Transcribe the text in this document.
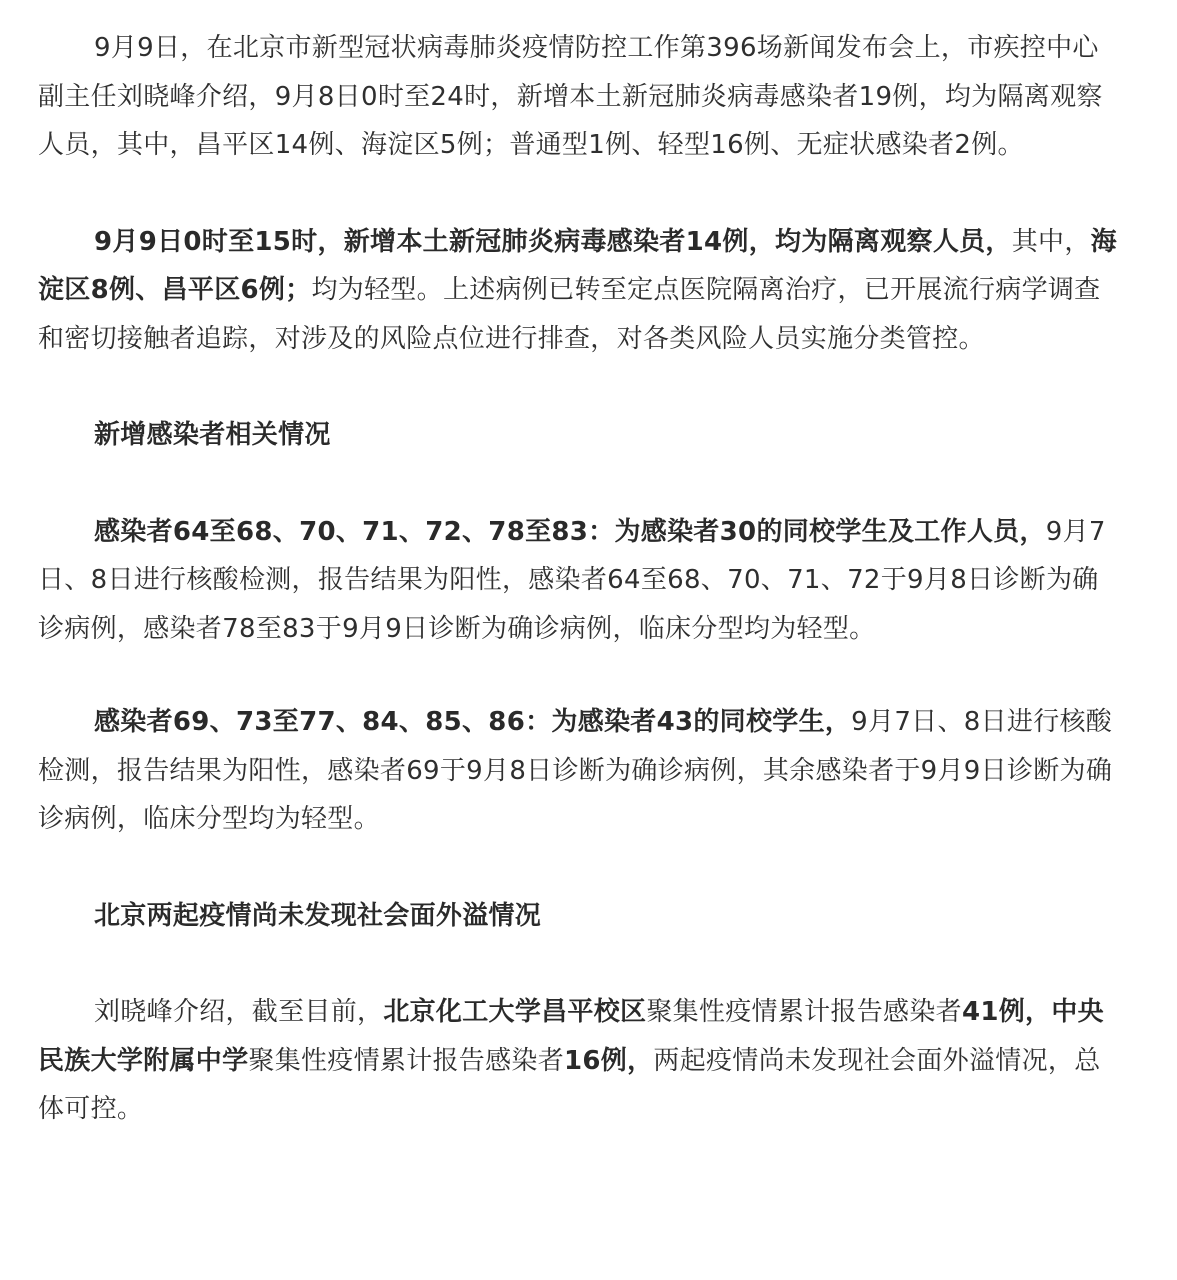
9月9日，在北京市新型冠状病毒肺炎疫情防控工作第396场新闻发布会上，市疾控中心副主任刘晓峰介绍，9月8日0时至24时，新增本土新冠肺炎病毒感染者19例，均为隔离观察人员，其中，昌平区14例、海淀区5例；普通型1例、轻型16例、无症状感染者2例。

9月9日0时至15时，新增本土新冠肺炎病毒感染者14例，均为隔离观察人员，其中，海淀区8例、昌平区6例；均为轻型。上述病例已转至定点医院隔离治疗，已开展流行病学调查和密切接触者追踪，对涉及的风险点位进行排查，对各类风险人员实施分类管控。

新增感染者相关情况

感染者64至68、70、71、72、78至83：为感染者30的同校学生及工作人员，9月7日、8日进行核酸检测，报告结果为阳性，感染者64至68、70、71、72于9月8日诊断为确诊病例，感染者78至83于9月9日诊断为确诊病例，临床分型均为轻型。

感染者69、73至77、84、85、86：为感染者43的同校学生，9月7日、8日进行核酸检测，报告结果为阳性，感染者69于9月8日诊断为确诊病例，其余感染者于9月9日诊断为确诊病例，临床分型均为轻型。

北京两起疫情尚未发现社会面外溢情况

刘晓峰介绍，截至目前，北京化工大学昌平校区聚集性疫情累计报告感染者41例，中央民族大学附属中学聚集性疫情累计报告感染者16例，两起疫情尚未发现社会面外溢情况，总体可控。
